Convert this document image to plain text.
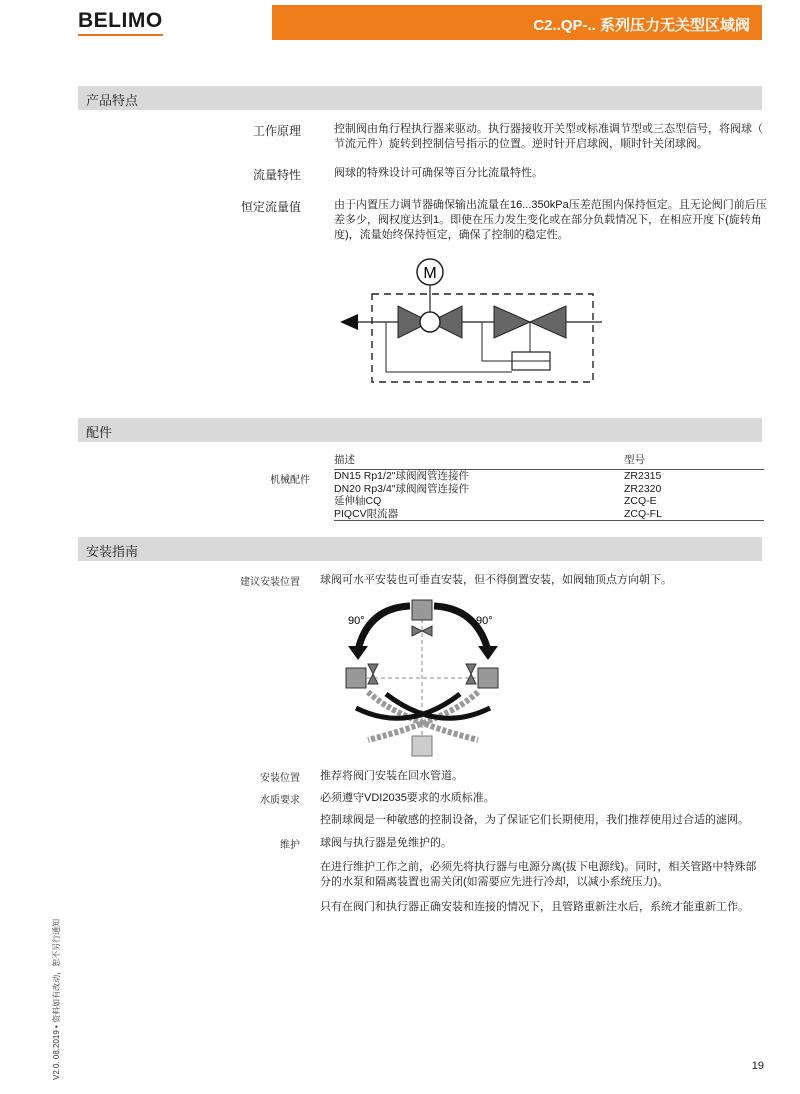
BELIMO	C2..QP-.. 系列压力无关型区域阀
产品特点
工作原理	控制阀由角行程执行器来驱动。执行器接收开关型或标准调节型或三态型信号，将阀球（
节流元件）旋转到控制信号指示的位置。逆时针开启球阀，顺时针关闭球阀。
流量特性	阀球的特殊设计可确保等百分比流量特性。
恒定流量值	由于内置压力调节器确保输出流量在16...350kPa压差范围内保持恒定。且无论阀门前后压
差多少，阀权度达到1。即使在压力发生变化或在部分负载情况下，在相应开度下(旋转角
度)，流量始终保持恒定，确保了控制的稳定性。
M
配件
描述	型号
DN15 Rp1/2"球阀阀管连接件	ZR2315
DN20 Rp3/4"球阀阀管连接件	ZR2320
延伸轴CQ	ZCQ-E
PIQCV限流器	ZCQ-FL
机械配件
安装指南
建议安装位置 球阀可水平安装也可垂直安装，但不得倒置安装，如阀轴顶点方向朝下。
90°	90°
安装位置 推荐将阀门安装在回水管道。
水质要求 必须遵守VDI2035要求的水质标准。
控制球阀是一种敏感的控制设备，为了保证它们长期使用，我们推荐使用过合适的滤网。
维护 球阀与执行器是免维护的。
在进行维护工作之前，必须先将执行器与电源分离(拔下电源线)。同时，相关管路中特殊部
分的水泵和隔离装置也需关闭(如需要应先进行冷却，以减小系统压力)。
只有在阀门和执行器正确安装和连接的情况下，且管路重新注水后，系统才能重新工作。
V2.0. 08.2019 • 资料如有改动，恕不另行通知	19
